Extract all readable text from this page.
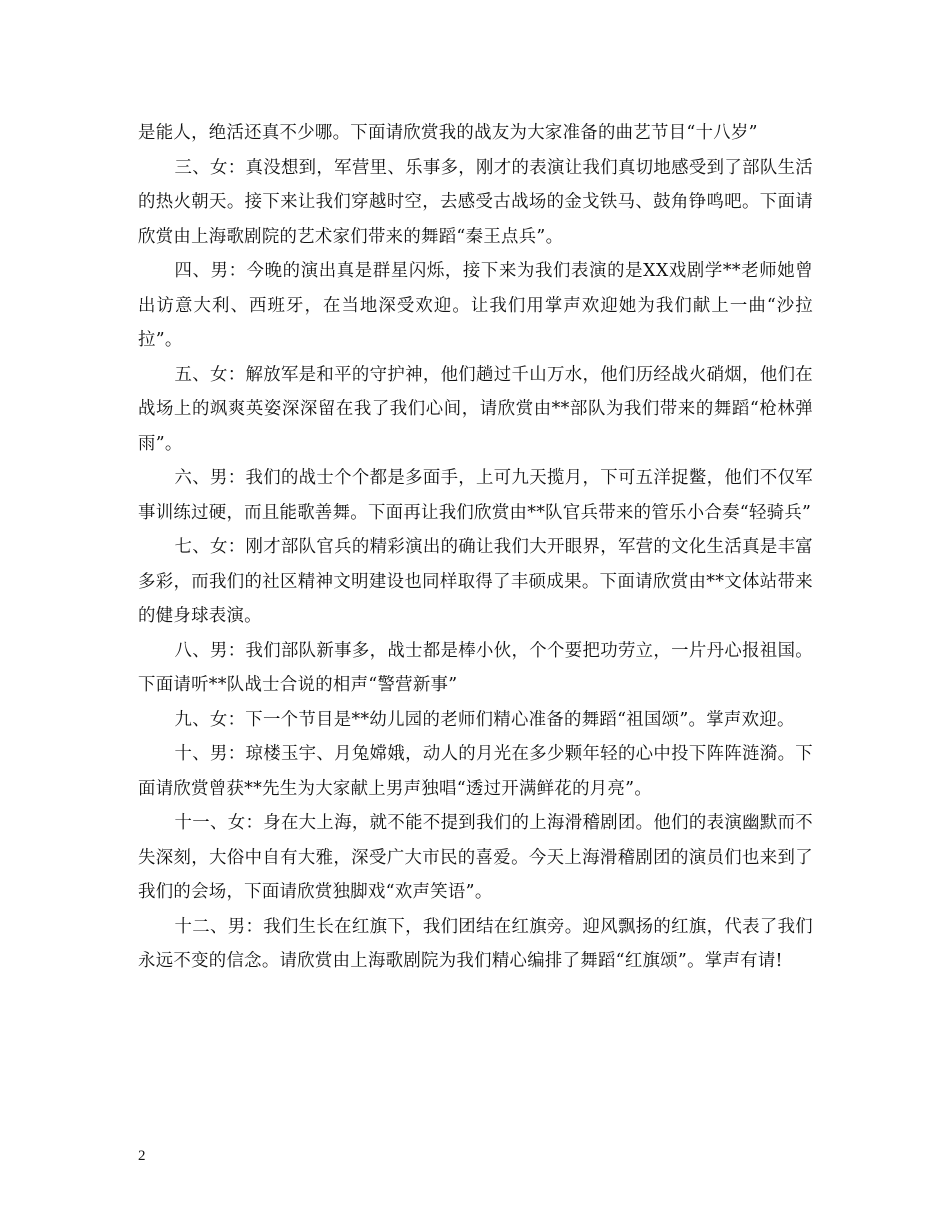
是能人，绝活还真不少哪。下面请欣赏我的战友为大家准备的曲艺节目“十八岁”

三、女：真没想到，军营里、乐事多，刚才的表演让我们真切地感受到了部队生活的热火朝天。接下来让我们穿越时空，去感受古战场的金戈铁马、鼓角铮鸣吧。下面请欣赏由上海歌剧院的艺术家们带来的舞蹈“秦王点兵”。

四、男：今晚的演出真是群星闪烁，接下来为我们表演的是XX戏剧学**老师她曾出访意大利、西班牙，在当地深受欢迎。让我们用掌声欢迎她为我们献上一曲“沙拉拉”。

五、女：解放军是和平的守护神，他们趟过千山万水，他们历经战火硝烟，他们在战场上的飒爽英姿深深留在我了我们心间，请欣赏由**部队为我们带来的舞蹈“枪林弹雨”。

六、男：我们的战士个个都是多面手，上可九天揽月，下可五洋捉鳖，他们不仅军事训练过硬，而且能歌善舞。下面再让我们欣赏由**队官兵带来的管乐小合奏“轻骑兵”

七、女：刚才部队官兵的精彩演出的确让我们大开眼界，军营的文化生活真是丰富多彩，而我们的社区精神文明建设也同样取得了丰硕成果。下面请欣赏由**文体站带来的健身球表演。

八、男：我们部队新事多，战士都是棒小伙，个个要把功劳立，一片丹心报祖国。下面请听**队战士合说的相声“警营新事”

九、女：下一个节目是**幼儿园的老师们精心准备的舞蹈“祖国颂”。掌声欢迎。

十、男：琼楼玉宇、月兔嫦娥，动人的月光在多少颗年轻的心中投下阵阵涟漪。下面请欣赏曾获**先生为大家献上男声独唱“透过开满鲜花的月亮”。

十一、女：身在大上海，就不能不提到我们的上海滑稽剧团。他们的表演幽默而不失深刻，大俗中自有大雅，深受广大市民的喜爱。今天上海滑稽剧团的演员们也来到了我们的会场，下面请欣赏独脚戏“欢声笑语”。

十二、男：我们生长在红旗下，我们团结在红旗旁。迎风飘扬的红旗，代表了我们永远不变的信念。请欣赏由上海歌剧院为我们精心编排了舞蹈“红旗颂”。掌声有请!

2
